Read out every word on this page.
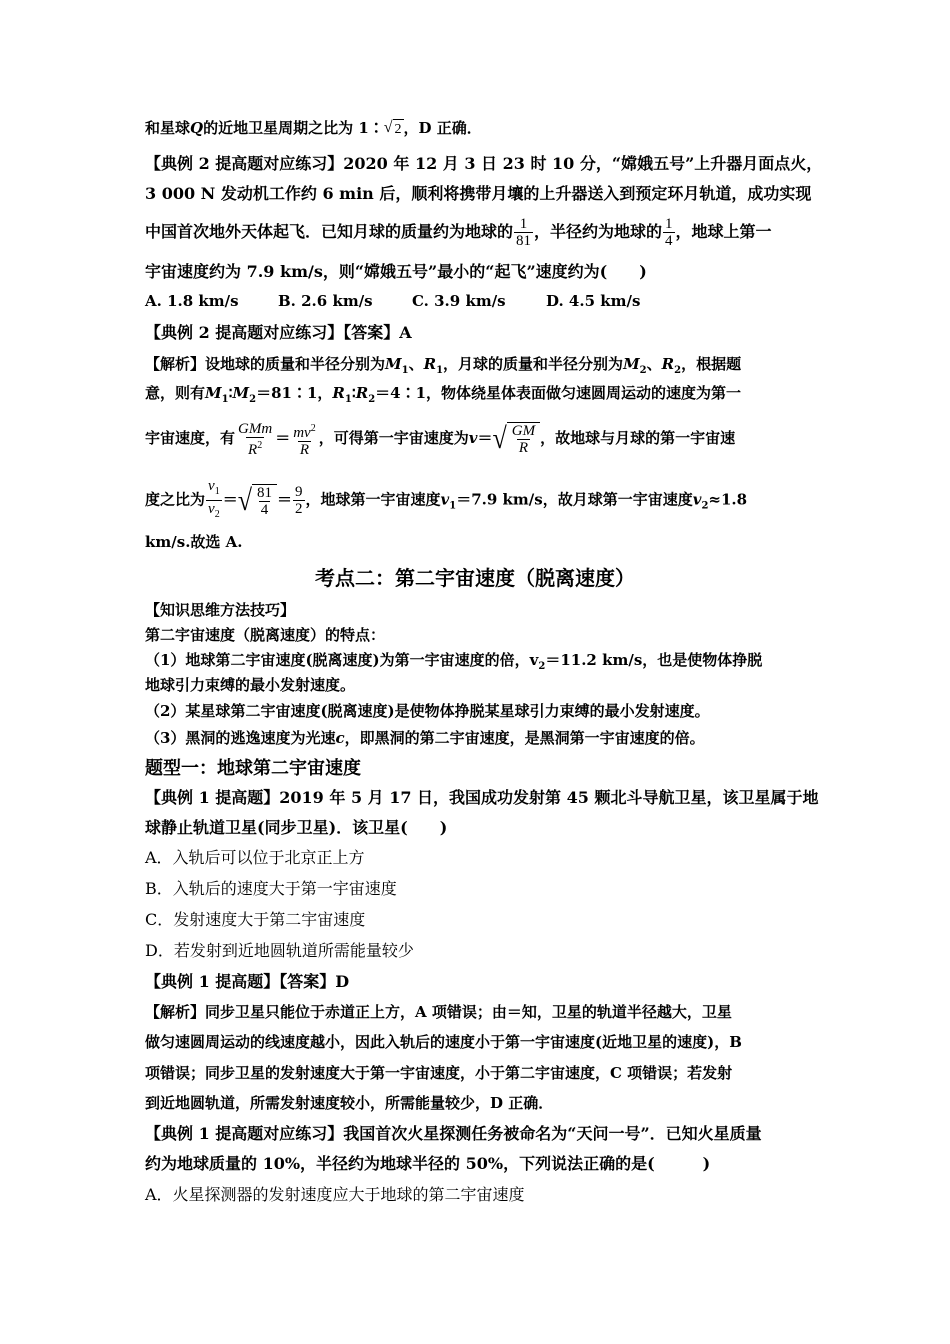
和星球Q的近地卫星周期之比为 1∶ √ 2 ，D 正确．
【典例 2 提高题对应练习】2020 年 12 月 3 日 23 时 10 分，“嫦娥五号”上升器月面点火，
3 000 N 发动机工作约 6 min 后，顺利将携带月壤的上升器送入到预定环月轨道，成功实现
中国首次地外天体起飞．已知月球的质量约为地球的 $\frac{1}{81}$ ，半径约为地球的 $\frac{1}{4}$ ，地球上第一
宇宙速度约为 7.9 km/s，则“嫦娥五号”最小的“起飞”速度约为(　　)
A. 1.8 km/s	B. 2.6 km/s	C. 3.9 km/s	D. 4.5 km/s
【典例 2 提高题对应练习】【答案】A
【解析】设地球的质量和半径分别为$M_1$、$R_1$，月球的质量和半径分别为$M_2$、$R_2$，根据题
意，则有$M_1∶M_2=81∶1$，$R_1∶R_2=4∶1$，物体绕星体表面做匀速圆周运动的速度为第一
宇宙速度，有 $\frac{\text{GMm}}{R^2} = \frac{mv^2}{R}$ ，可得第一宇宙速度为v＝ √ $\frac{GM}{R}$ ，故地球与月球的第一宇宙速
度之比为 $\frac{v_1}{v_2}$ ＝ √ $\frac{81}{4} = \frac{9}{2}$ ，地球第一宇宙速度$v_1=7.9$ km/s，故月球第一宇宙速度$v_2\approx 1.8$
km/s.故选 A.
考点二：第二宇宙速度（脱离速度）
【知识思维方法技巧】
第二宇宙速度（脱离速度）的特点：
（1）地球第二宇宙速度(脱离速度)为第一宇宙速度的倍，$v_2=11.2$ km/s，也是使物体挣脱
地球引力束缚的最小发射速度。
（2）某星球第二宇宙速度(脱离速度)是使物体挣脱某星球引力束缚的最小发射速度。
（3）黑洞的逃逸速度为光速c，即黑洞的第二宇宙速度，是黑洞第一宇宙速度的倍。
题型一：地球第二宇宙速度
【典例 1 提高题】2019 年 5 月 17 日，我国成功发射第 45 颗北斗导航卫星，该卫星属于地
球静止轨道卫星(同步卫星)．该卫星(　　)
A．入轨后可以位于北京正上方
B．入轨后的速度大于第一宇宙速度
C．发射速度大于第二宇宙速度
D．若发射到近地圆轨道所需能量较少
【典例 1 提高题】【答案】D
【解析】同步卫星只能位于赤道正上方，A 项错误；由＝知，卫星的轨道半径越大，卫星
做匀速圆周运动的线速度越小，因此入轨后的速度小于第一宇宙速度(近地卫星的速度)，B
项错误；同步卫星的发射速度大于第一宇宙速度，小于第二宇宙速度，C 项错误；若发射
到近地圆轨道，所需发射速度较小，所需能量较少，D 正确．
【典例 1 提高题对应练习】我国首次火星探测任务被命名为“天问一号”．已知火星质量
约为地球质量的 10%，半径约为地球半径的 50%，下列说法正确的是(　　　)
A．火星探测器的发射速度应大于地球的第二宇宙速度
